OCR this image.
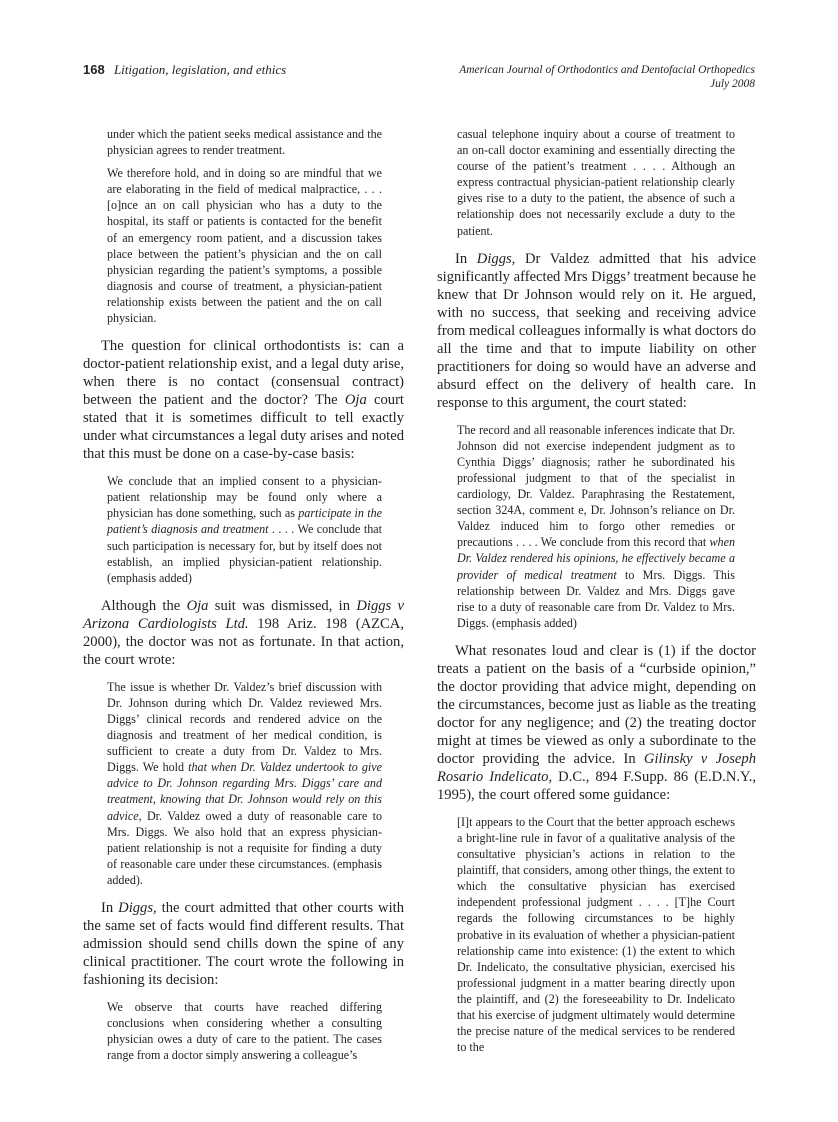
168 Litigation, legislation, and ethics	American Journal of Orthodontics and Dentofacial Orthopedics
July 2008

under which the patient seeks medical assistance and the physician agrees to render treatment.

We therefore hold, and in doing so are mindful that we are elaborating in the field of medical malpractice, . . . [o]nce an on call physician who has a duty to the hospital, its staff or patients is contacted for the benefit of an emergency room patient, and a discussion takes place between the patient’s physician and the on call physician regarding the patient’s symptoms, a possible diagnosis and course of treatment, a physician-patient relationship exists between the patient and the on call physician.

The question for clinical orthodontists is: can a doctor-patient relationship exist, and a legal duty arise, when there is no contact (consensual contract) between the patient and the doctor? The Oja court stated that it is sometimes difficult to tell exactly under what circumstances a legal duty arises and noted that this must be done on a case-by-case basis:

We conclude that an implied consent to a physician-patient relationship may be found only where a physician has done something, such as participate in the patient’s diagnosis and treatment . . . . We conclude that such participation is necessary for, but by itself does not establish, an implied physician-patient relationship. (emphasis added)

Although the Oja suit was dismissed, in Diggs v Arizona Cardiologists Ltd. 198 Ariz. 198 (AZCA, 2000), the doctor was not as fortunate. In that action, the court wrote:

The issue is whether Dr. Valdez’s brief discussion with Dr. Johnson during which Dr. Valdez reviewed Mrs. Diggs’ clinical records and rendered advice on the diagnosis and treatment of her medical condition, is sufficient to create a duty from Dr. Valdez to Mrs. Diggs. We hold that when Dr. Valdez undertook to give advice to Dr. Johnson regarding Mrs. Diggs’ care and treatment, knowing that Dr. Johnson would rely on this advice, Dr. Valdez owed a duty of reasonable care to Mrs. Diggs. We also hold that an express physician-patient relationship is not a requisite for finding a duty of reasonable care under these circumstances. (emphasis added).

In Diggs, the court admitted that other courts with the same set of facts would find different results. That admission should send chills down the spine of any clinical practitioner. The court wrote the following in fashioning its decision:

We observe that courts have reached differing conclusions when considering whether a consulting physician owes a duty of care to the patient. The cases range from a doctor simply answering a colleague’s

casual telephone inquiry about a course of treatment to an on-call doctor examining and essentially directing the course of the patient’s treatment . . . . Although an express contractual physician-patient relationship clearly gives rise to a duty to the patient, the absence of such a relationship does not necessarily exclude a duty to the patient.

In Diggs, Dr Valdez admitted that his advice significantly affected Mrs Diggs’ treatment because he knew that Dr Johnson would rely on it. He argued, with no success, that seeking and receiving advice from medical colleagues informally is what doctors do all the time and that to impute liability on other practitioners for doing so would have an adverse and absurd effect on the delivery of health care. In response to this argument, the court stated:

The record and all reasonable inferences indicate that Dr. Johnson did not exercise independent judgment as to Cynthia Diggs’ diagnosis; rather he subordinated his professional judgment to that of the specialist in cardiology, Dr. Valdez. Paraphrasing the Restatement, section 324A, comment e, Dr. Johnson’s reliance on Dr. Valdez induced him to forgo other remedies or precautions . . . . We conclude from this record that when Dr. Valdez rendered his opinions, he effectively became a provider of medical treatment to Mrs. Diggs. This relationship between Dr. Valdez and Mrs. Diggs gave rise to a duty of reasonable care from Dr. Valdez to Mrs. Diggs. (emphasis added)

What resonates loud and clear is (1) if the doctor treats a patient on the basis of a “curbside opinion,” the doctor providing that advice might, depending on the circumstances, become just as liable as the treating doctor for any negligence; and (2) the treating doctor might at times be viewed as only a subordinate to the doctor providing the advice. In Gilinsky v Joseph Rosario Indelicato, D.C., 894 F.Supp. 86 (E.D.N.Y., 1995), the court offered some guidance:

[I]t appears to the Court that the better approach eschews a bright-line rule in favor of a qualitative analysis of the consultative physician’s actions in relation to the plaintiff, that considers, among other things, the extent to which the consultative physician has exercised independent professional judgment . . . . [T]he Court regards the following circumstances to be highly probative in its evaluation of whether a physician-patient relationship came into existence: (1) the extent to which Dr. Indelicato, the consultative physician, exercised his professional judgment in a matter bearing directly upon the plaintiff, and (2) the foreseeability to Dr. Indelicato that his exercise of judgment ultimately would determine the precise nature of the medical services to be rendered to the
